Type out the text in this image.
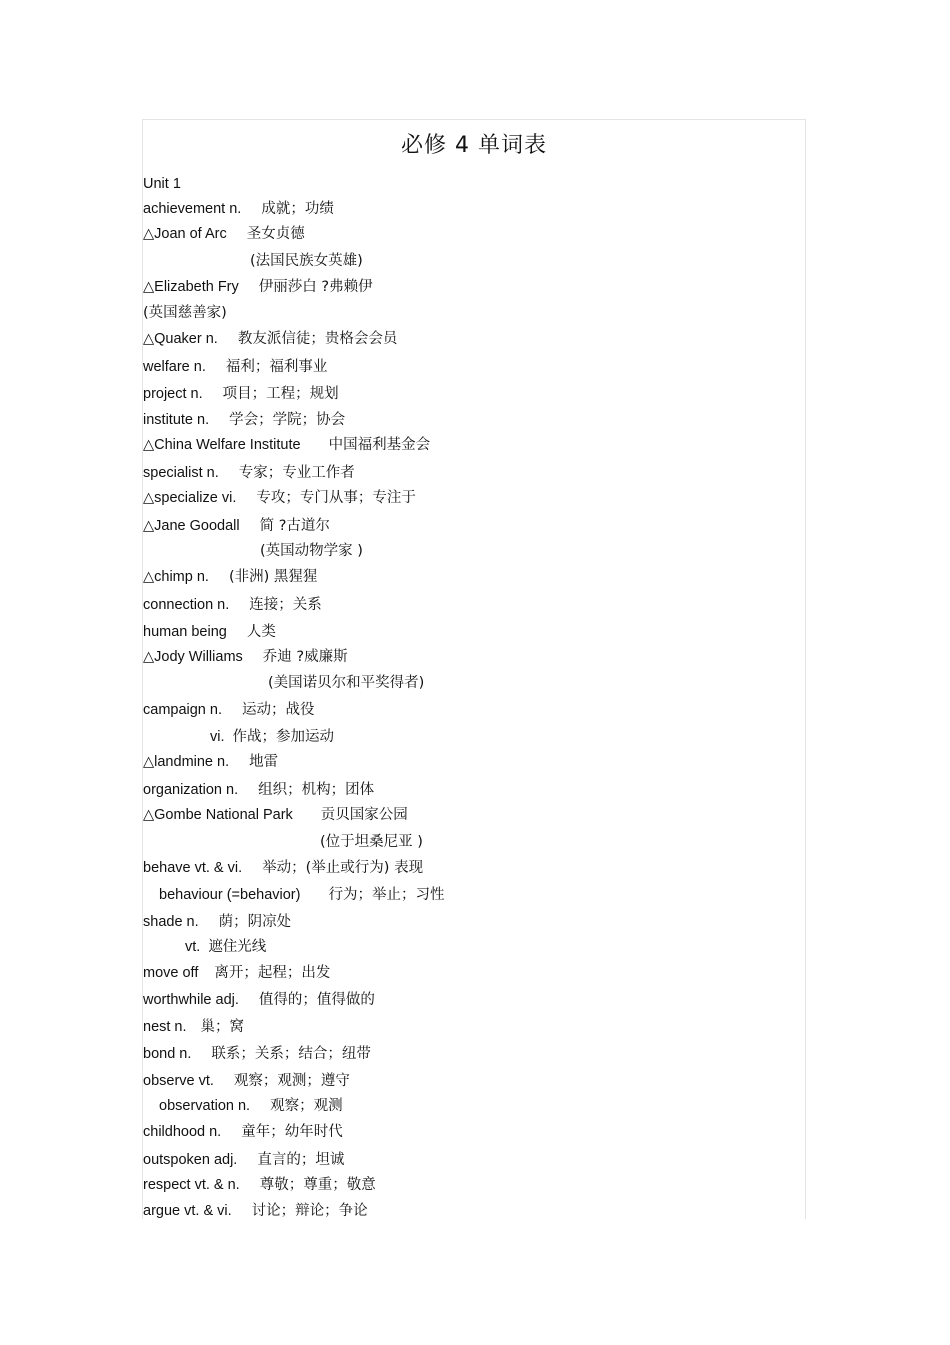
必修 4 单词表
Unit 1
achievement n. 成就；功绩
△Joan of Arc 圣女贞德
(法国民族女英雄)
△Elizabeth Fry 伊丽莎白 ?弗赖伊
(英国慈善家)
△Quaker n. 教友派信徒；贵格会会员
welfare n. 福利；福利事业
project n. 项目；工程；规划
institute n. 学会；学院；协会
△China Welfare Institute 中国福利基金会
specialist n. 专家；专业工作者
△specialize vi. 专攻；专门从事；专注于
△Jane Goodall 简 ?古道尔
(英国动物学家 )
△chimp n. (非洲) 黑猩猩
connection n. 连接；关系
human being 人类
△Jody Williams 乔迪 ?威廉斯
(美国诺贝尔和平奖得者)
campaign n. 运动；战役
vi. 作战；参加运动
△landmine n. 地雷
organization n. 组织；机构；团体
△Gombe National Park 贡贝国家公园
(位于坦桑尼亚 )
behave vt. & vi. 举动；(举止或行为) 表现
behaviour (=behavior) 行为；举止；习性
shade n. 荫；阴凉处
vt. 遮住光线
move off 离开；起程；出发
worthwhile adj. 值得的；值得做的
nest n. 巢；窝
bond n. 联系；关系；结合；纽带
observe vt. 观察；观测；遵守
observation n. 观察；观测
childhood n. 童年；幼年时代
outspoken adj. 直言的；坦诚
respect vt. & n. 尊敬；尊重；敬意
argue vt. & vi. 讨论；辩论；争论
